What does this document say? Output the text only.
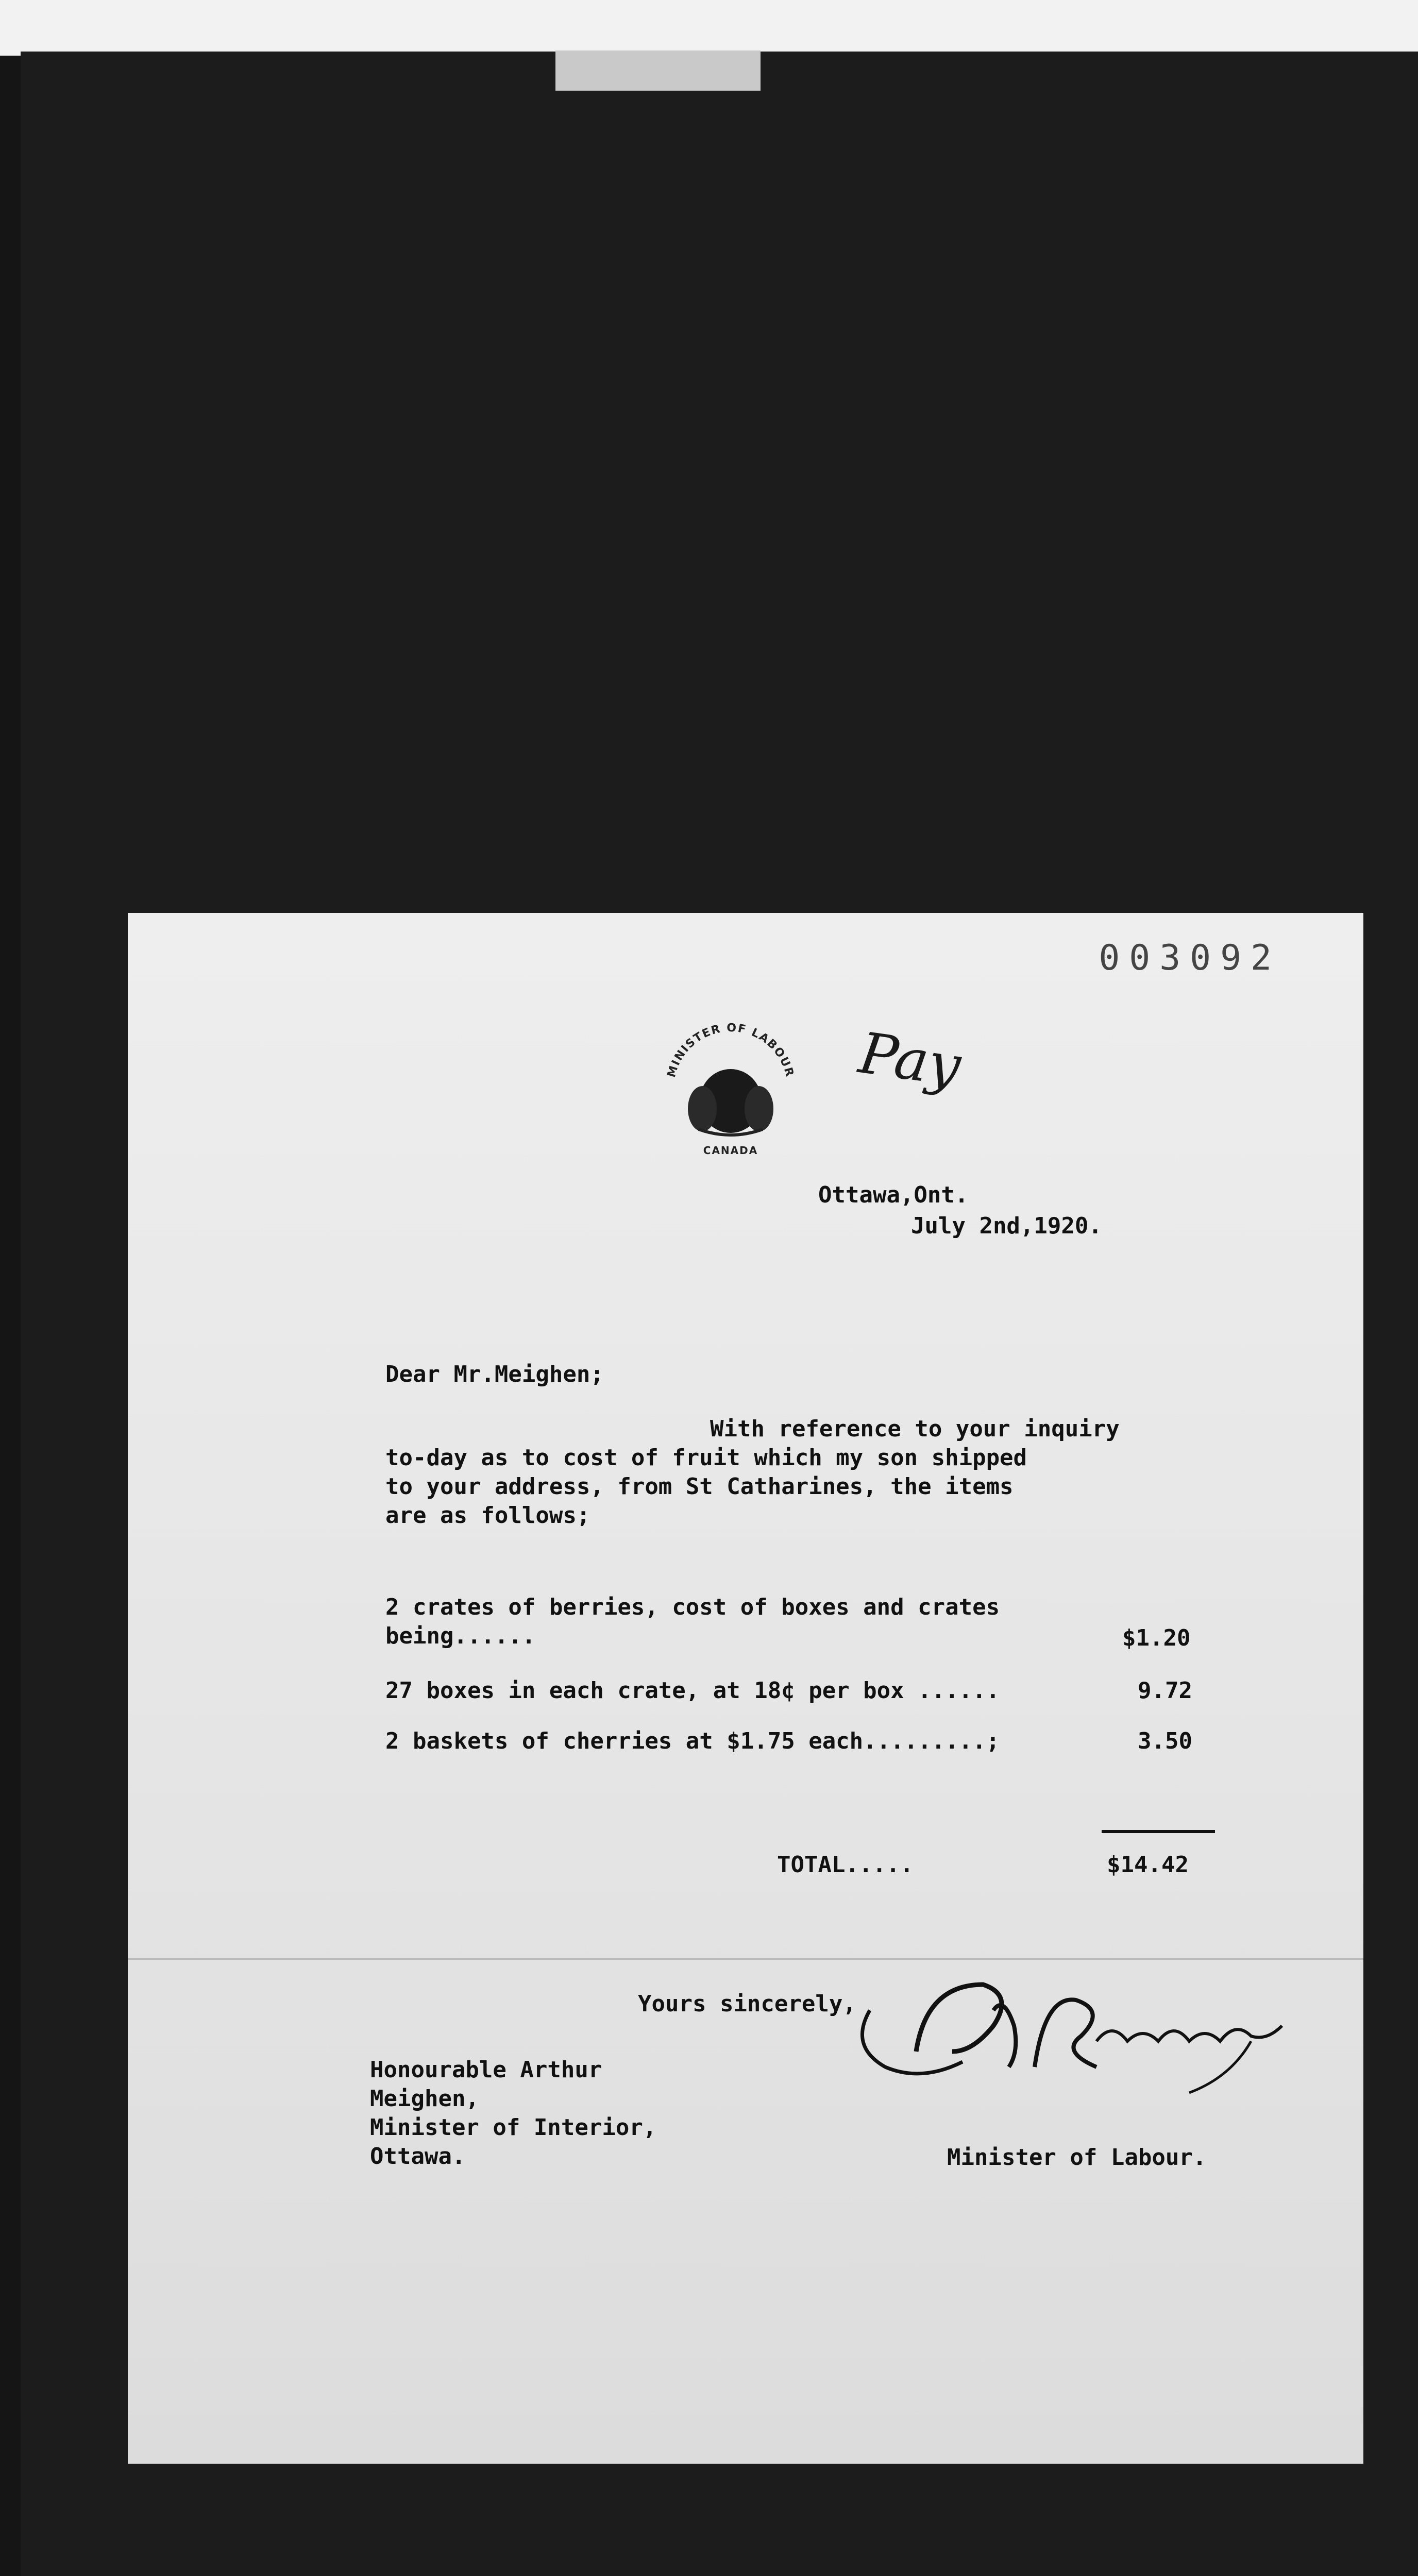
003092
MINISTER OF LABOUR
CANADA
Pay
Ottawa,Ont.
July 2nd,1920.
Dear Mr.Meighen;
With reference to your inquiry
to-day as to cost of fruit which my son shipped
to your address, from St Catharines, the items
are as follows;
2 crates of berries, cost of boxes and crates
being......	$1.20
27 boxes in each crate, at 18¢ per box ......	9.72
2 baskets of cherries at $1.75 each.........;	3.50
TOTAL.....	$14.42
Yours sincerely,
Honourable Arthur
Meighen,
Minister of Interior,
Ottawa.	Minister of Labour.
